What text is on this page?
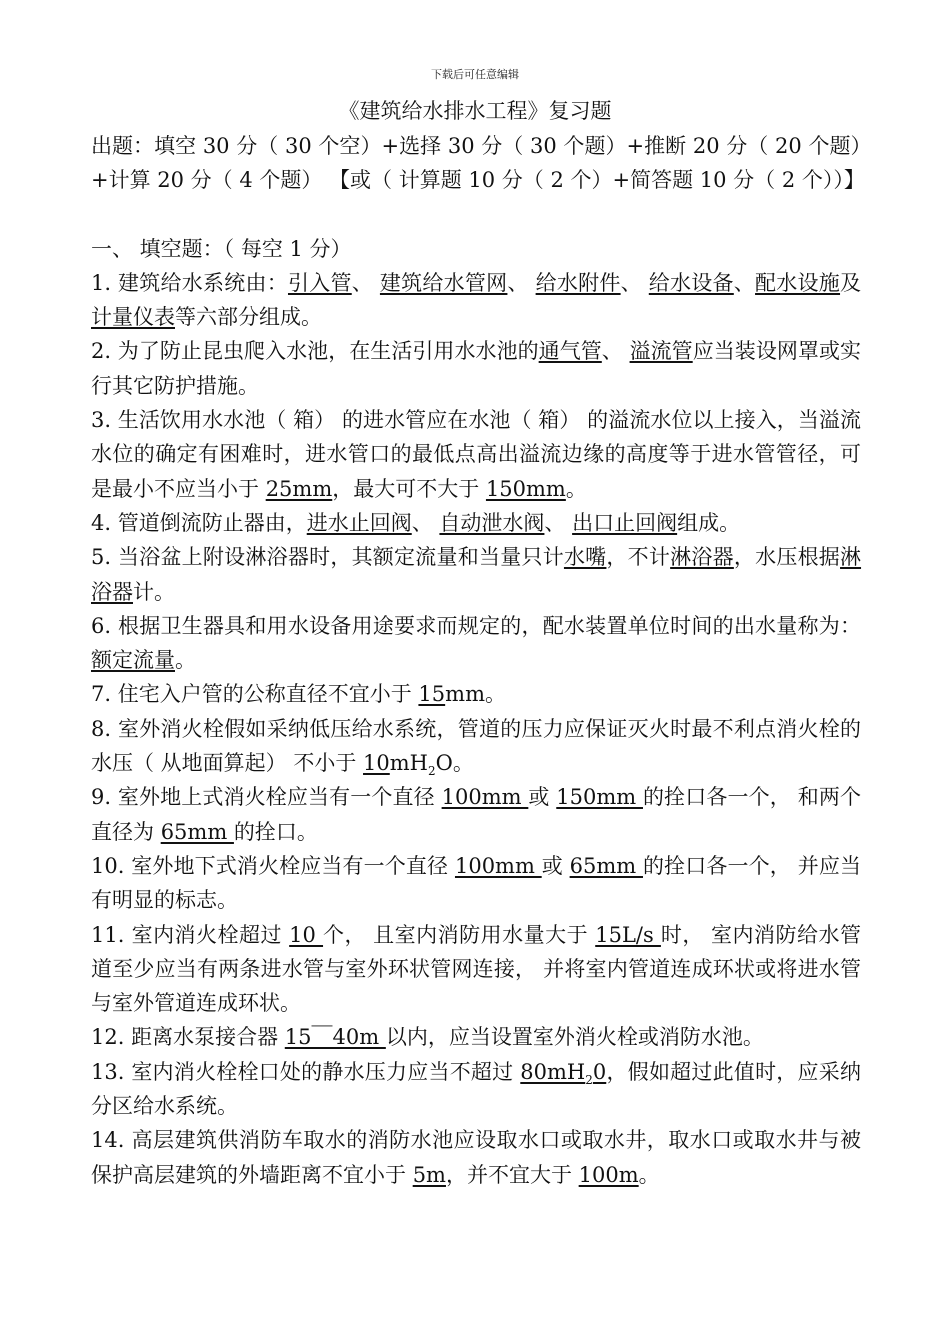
下载后可任意编辑
《建筑给水排水工程》复习题

出题：填空 30 分（ 30 个空）+选择 30 分（ 30 个题）+推断 20 分（ 20 个题）+计算 20 分（ 4 个题） 【或（ 计算题 10 分（ 2 个）+简答题 10 分（ 2 个））】

一、 填空题：（ 每空 1 分）

1. 建筑给水系统由：引入管、 建筑给水管网、 给水附件、 给水设备、配水设施及计量仪表等六部分组成。

2. 为了防止昆虫爬入水池，在生活引用水水池的通气管、 溢流管应当装设网罩或实行其它防护措施。

3. 生活饮用水水池（ 箱） 的进水管应在水池（ 箱） 的溢流水位以上接入，当溢流水位的确定有困难时，进水管口的最低点高出溢流边缘的高度等于进水管管径，可是最小不应当小于 25mm，最大可不大于 150mm。

4. 管道倒流防止器由，进水止回阀、 自动泄水阀、 出口止回阀组成。

5. 当浴盆上附设淋浴器时，其额定流量和当量只计水嘴，不计淋浴器，水压根据淋浴器计。

6. 根据卫生器具和用水设备用途要求而规定的，配水装置单位时间的出水量称为：额定流量。

7. 住宅入户管的公称直径不宜小于 15mm。

8. 室外消火栓假如采纳低压给水系统，管道的压力应保证灭火时最不利点消火栓的水压（ 从地面算起） 不小于 $10mH_2O$。

9. 室外地上式消火栓应当有一个直径 100mm 或 150mm 的拴口各一个， 和两个直径为 65mm 的拴口。

10. 室外地下式消火栓应当有一个直径 100mm 或 65mm 的拴口各一个， 并应当有明显的标志。

11. 室内消火栓超过 10 个， 且室内消防用水量大于 15L/s 时， 室内消防给水管道至少应当有两条进水管与室外环状管网连接， 并将室内管道连成环状或将进水管与室外管道连成环状。

12. 距离水泵接合器 15￣40m 以内，应当设置室外消火栓或消防水池。

13. 室内消火栓栓口处的静水压力应当不超过 $80mH_20$，假如超过此值时，应采纳分区给水系统。

14. 高层建筑供消防车取水的消防水池应设取水口或取水井，取水口或取水井与被保护高层建筑的外墙距离不宜小于 5m，并不宜大于 100m。
